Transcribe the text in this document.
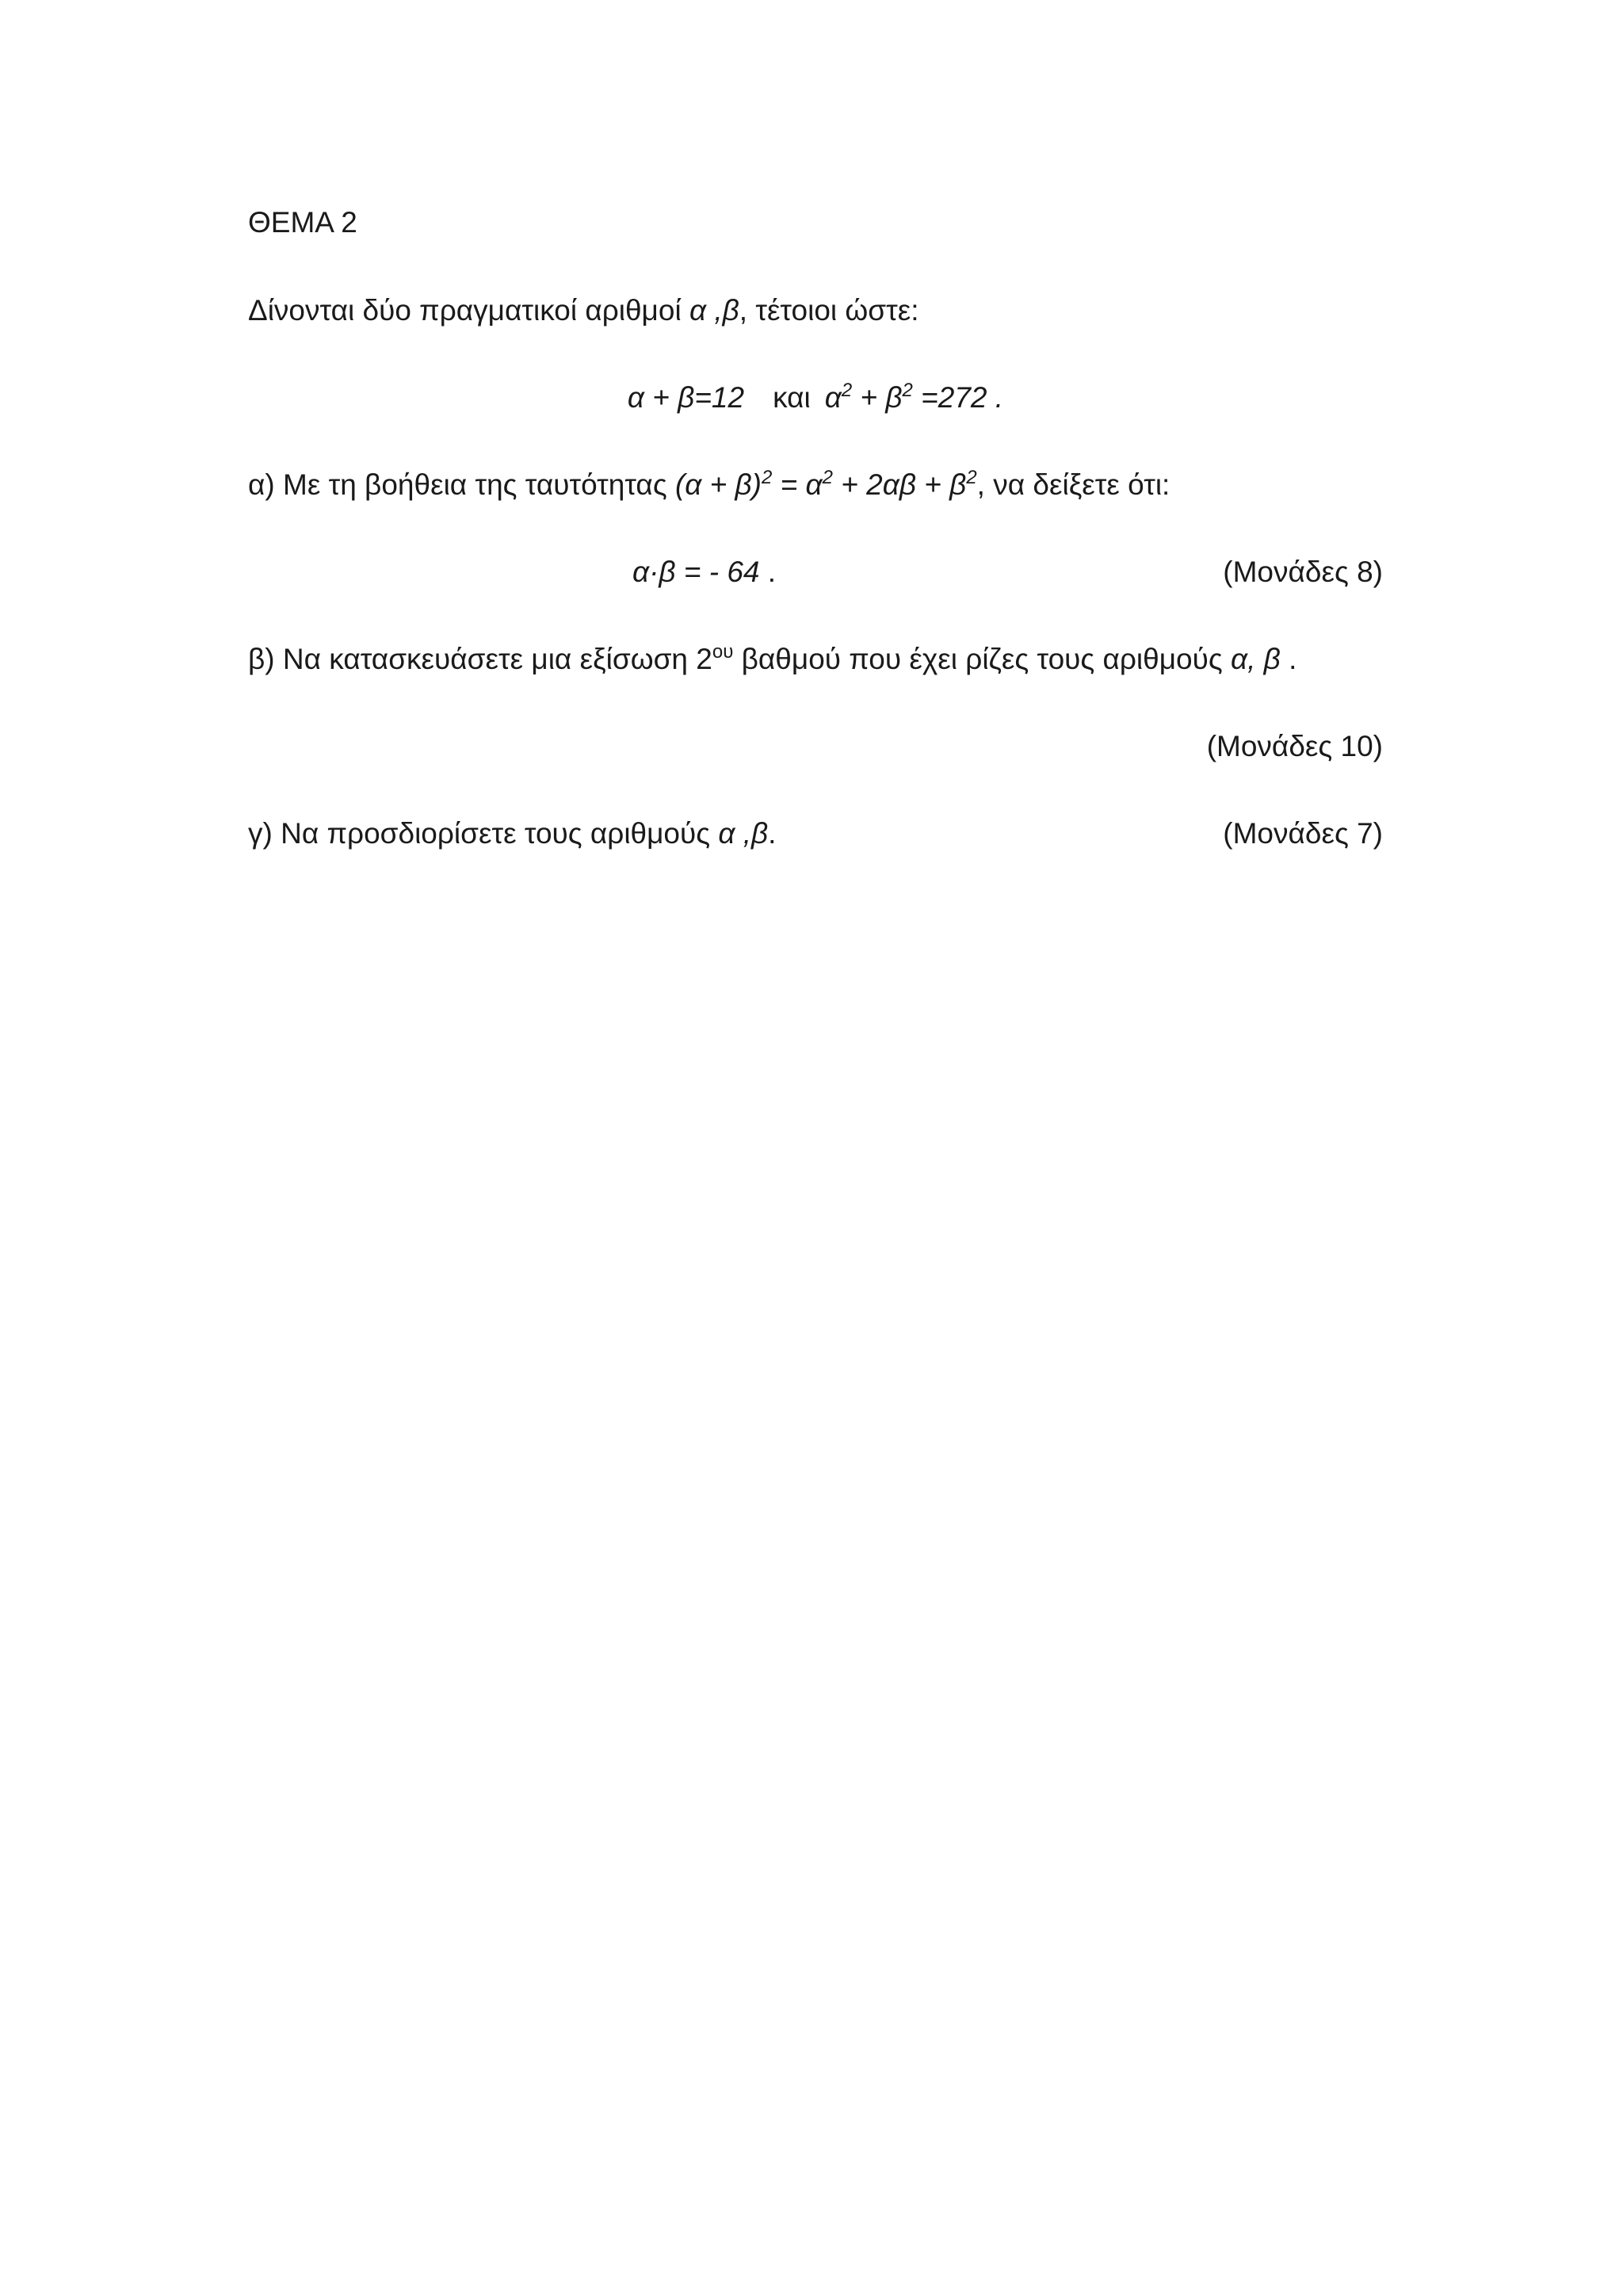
ΘΕΜΑ 2
Δίνονται δύο πραγματικοί αριθμοί α ,β, τέτοιοι ώστε:
α + β=12 και $\alpha^2 + \beta^2 =272$ .
α) Με τη βοήθεια της ταυτότητας $(\alpha + \beta)^2 = \alpha^2 + 2\alpha\beta + \beta^2$, να δείξετε ότι:
α·β = - 64 .	(Μονάδες 8)
β) Να κατασκευάσετε μια εξίσωση $2^{o\upsilon}$ βαθμού που έχει ρίζες τους αριθμούς α, β .
(Μονάδες 10)
γ) Να προσδιορίσετε τους αριθμούς α ,β.	(Μονάδες 7)
